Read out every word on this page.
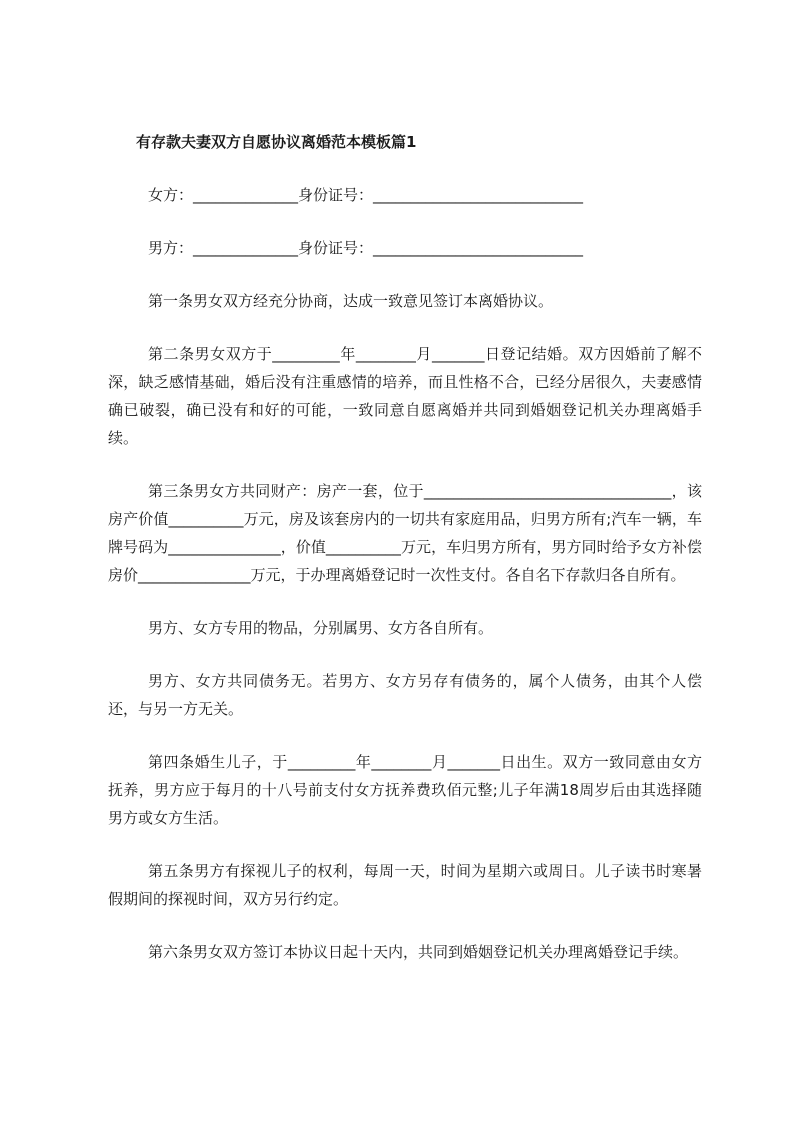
有存款夫妻双方自愿协议离婚范本模板篇1

女方：______________身份证号：____________________________

男方：______________身份证号：____________________________

第一条男女双方经充分协商，达成一致意见签订本离婚协议。

第二条男女双方于_________年________月_______日登记结婚。双方因婚前了解不深，缺乏感情基础，婚后没有注重感情的培养，而且性格不合，已经分居很久，夫妻感情确已破裂，确已没有和好的可能，一致同意自愿离婚并共同到婚姻登记机关办理离婚手续。

第三条男女方共同财产：房产一套，位于_________________________________，该房产价值__________万元，房及该套房内的一切共有家庭用品，归男方所有;汽车一辆，车牌号码为_______________，价值__________万元，车归男方所有，男方同时给予女方补偿房价_______________万元，于办理离婚登记时一次性支付。各自名下存款归各自所有。

男方、女方专用的物品，分别属男、女方各自所有。

男方、女方共同债务无。若男方、女方另存有债务的，属个人债务，由其个人偿还，与另一方无关。

第四条婚生儿子，于_________年________月_______日出生。双方一致同意由女方抚养，男方应于每月的十八号前支付女方抚养费玖佰元整;儿子年满18周岁后由其选择随男方或女方生活。

第五条男方有探视儿子的权利，每周一天，时间为星期六或周日。儿子读书时寒暑假期间的探视时间，双方另行约定。

第六条男女双方签订本协议日起十天内，共同到婚姻登记机关办理离婚登记手续。
